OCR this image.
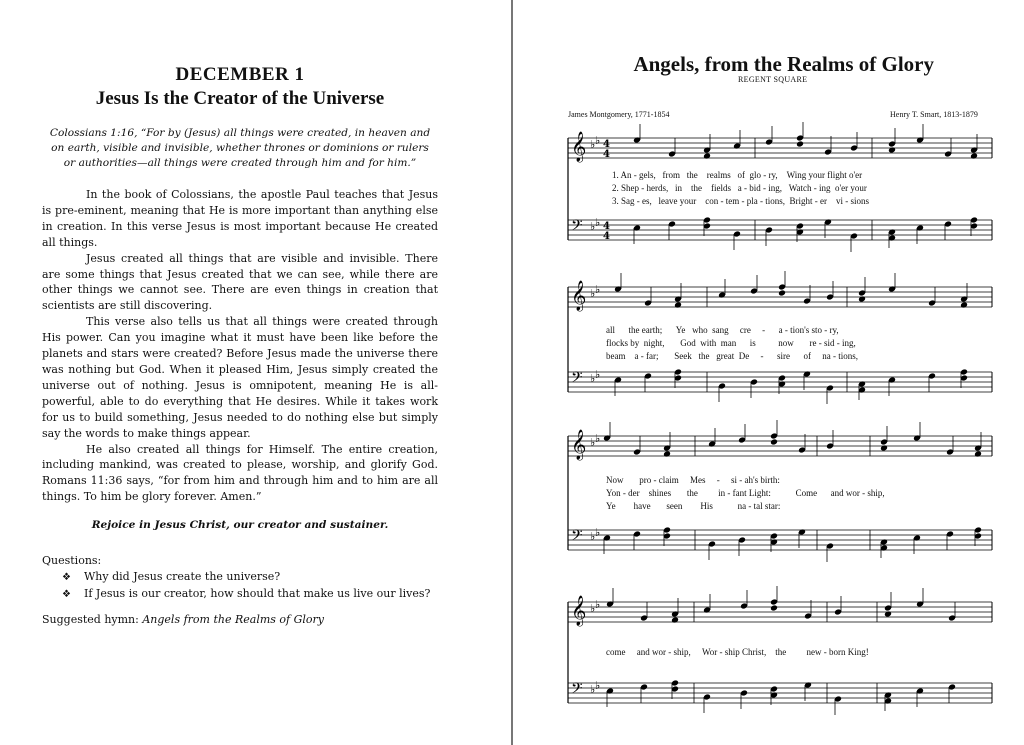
DECEMBER 1
Jesus Is the Creator of the Universe

Colossians 1:16, “For by (Jesus) all things were created, in heaven and on earth, visible and invisible, whether thrones or dominions or rulers or authorities—all things were created through him and for him.”

In the book of Colossians, the apostle Paul teaches that Jesus is pre-eminent, meaning that He is more important than anything else in creation. In this verse Jesus is most important because He created all things.

Jesus created all things that are visible and invisible. There are some things that Jesus created that we can see, while there are other things we cannot see. There are even things in creation that scientists are still discovering.

This verse also tells us that all things were created through His power. Can you imagine what it must have been like before the planets and stars were created? Before Jesus made the universe there was nothing but God. When it pleased Him, Jesus simply created the universe out of nothing. Jesus is omnipotent, meaning He is all-powerful, able to do everything that He desires. While it takes work for us to build something, Jesus needed to do nothing else but simply say the words to make things appear.

He also created all things for Himself. The entire creation, including mankind, was created to please, worship, and glorify God. Romans 11:36 says, “for from him and through him and to him are all things. To him be glory forever. Amen.”

Rejoice in Jesus Christ, our creator and sustainer.

Questions:
❖ Why did Jesus create the universe?
❖ If Jesus is our creator, how should that make us live our lives?
Suggested hymn: Angels from the Realms of Glory
Angels, from the Realms of Glory
REGENT SQUARE
James Montgomery, 1771-1854	Henry T. Smart, 1813-1879
𝄞 ♭ ♭ 4
4
𝄢 ♭ ♭ 4
4
𝄞 ♭ ♭
𝄢 ♭ ♭
𝄞 ♭ ♭
𝄢 ♭ ♭
𝄞 ♭ ♭
𝄢 ♭ ♭
1. An - gels, from the realms of glo - ry, Wing your flight o'er
2. Shep - herds, in the fields a - bid - ing, Watch - ing o'er your
3. Sag - es, leave your con - tem - pla - tions, Bright - er vi - sions
all the earth; Ye who sang cre - a - tion's sto - ry,
flocks by night, God with man is	now re - sid - ing,
beam a - far; Seek the great De - sire of na - tions,
Now pro - claim Mes - si - ah's birth:
Yon - der shines the in - fant Light:	Come and wor - ship,
Ye have seen His	na - tal star:
come and wor - ship, Wor - ship Christ, the new - born King!
